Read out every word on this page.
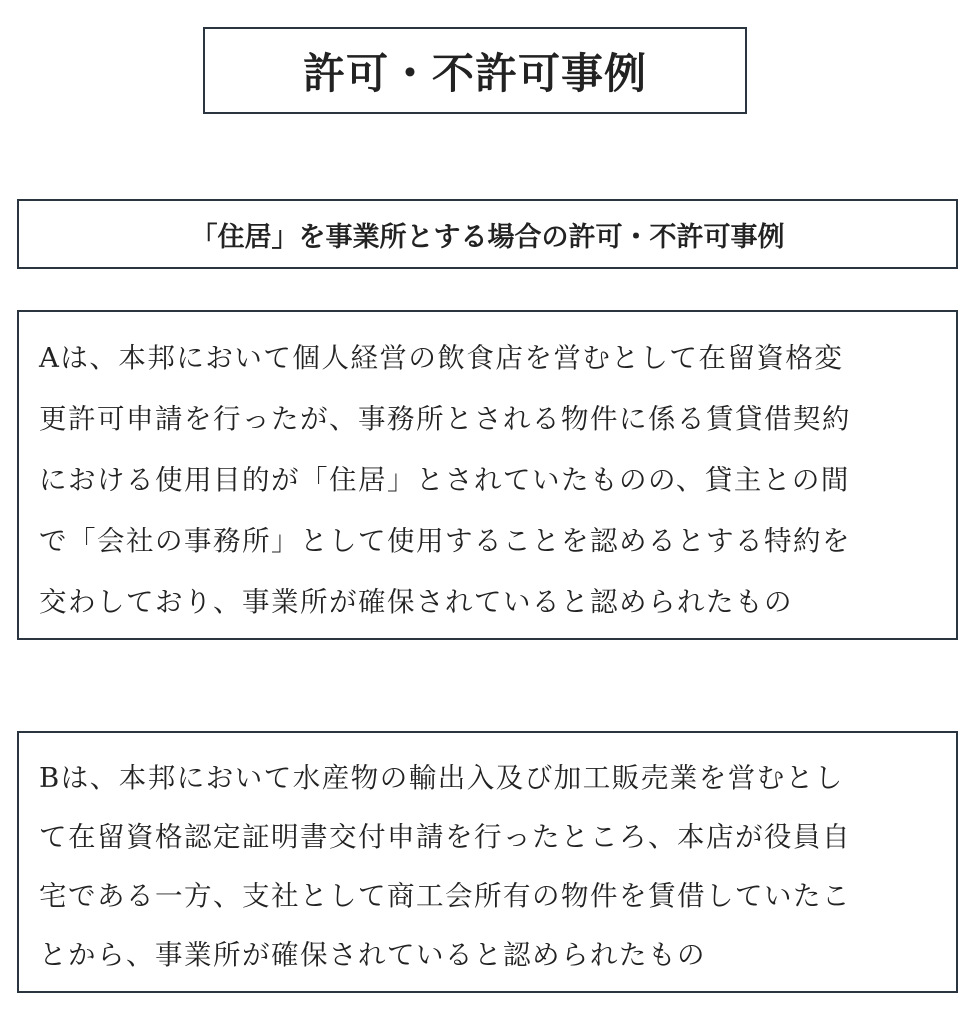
許可・不許可事例
「住居」を事業所とする場合の許可・不許可事例
Aは、本邦において個人経営の飲食店を営むとして在留資格変
更許可申請を行ったが、事務所とされる物件に係る賃貸借契約
における使用目的が「住居」とされていたものの、貸主との間
で「会社の事務所」として使用することを認めるとする特約を
交わしており、事業所が確保されていると認められたもの
Bは、本邦において水産物の輸出入及び加工販売業を営むとし
て在留資格認定証明書交付申請を行ったところ、本店が役員自
宅である一方、支社として商工会所有の物件を賃借していたこ
とから、事業所が確保されていると認められたもの
